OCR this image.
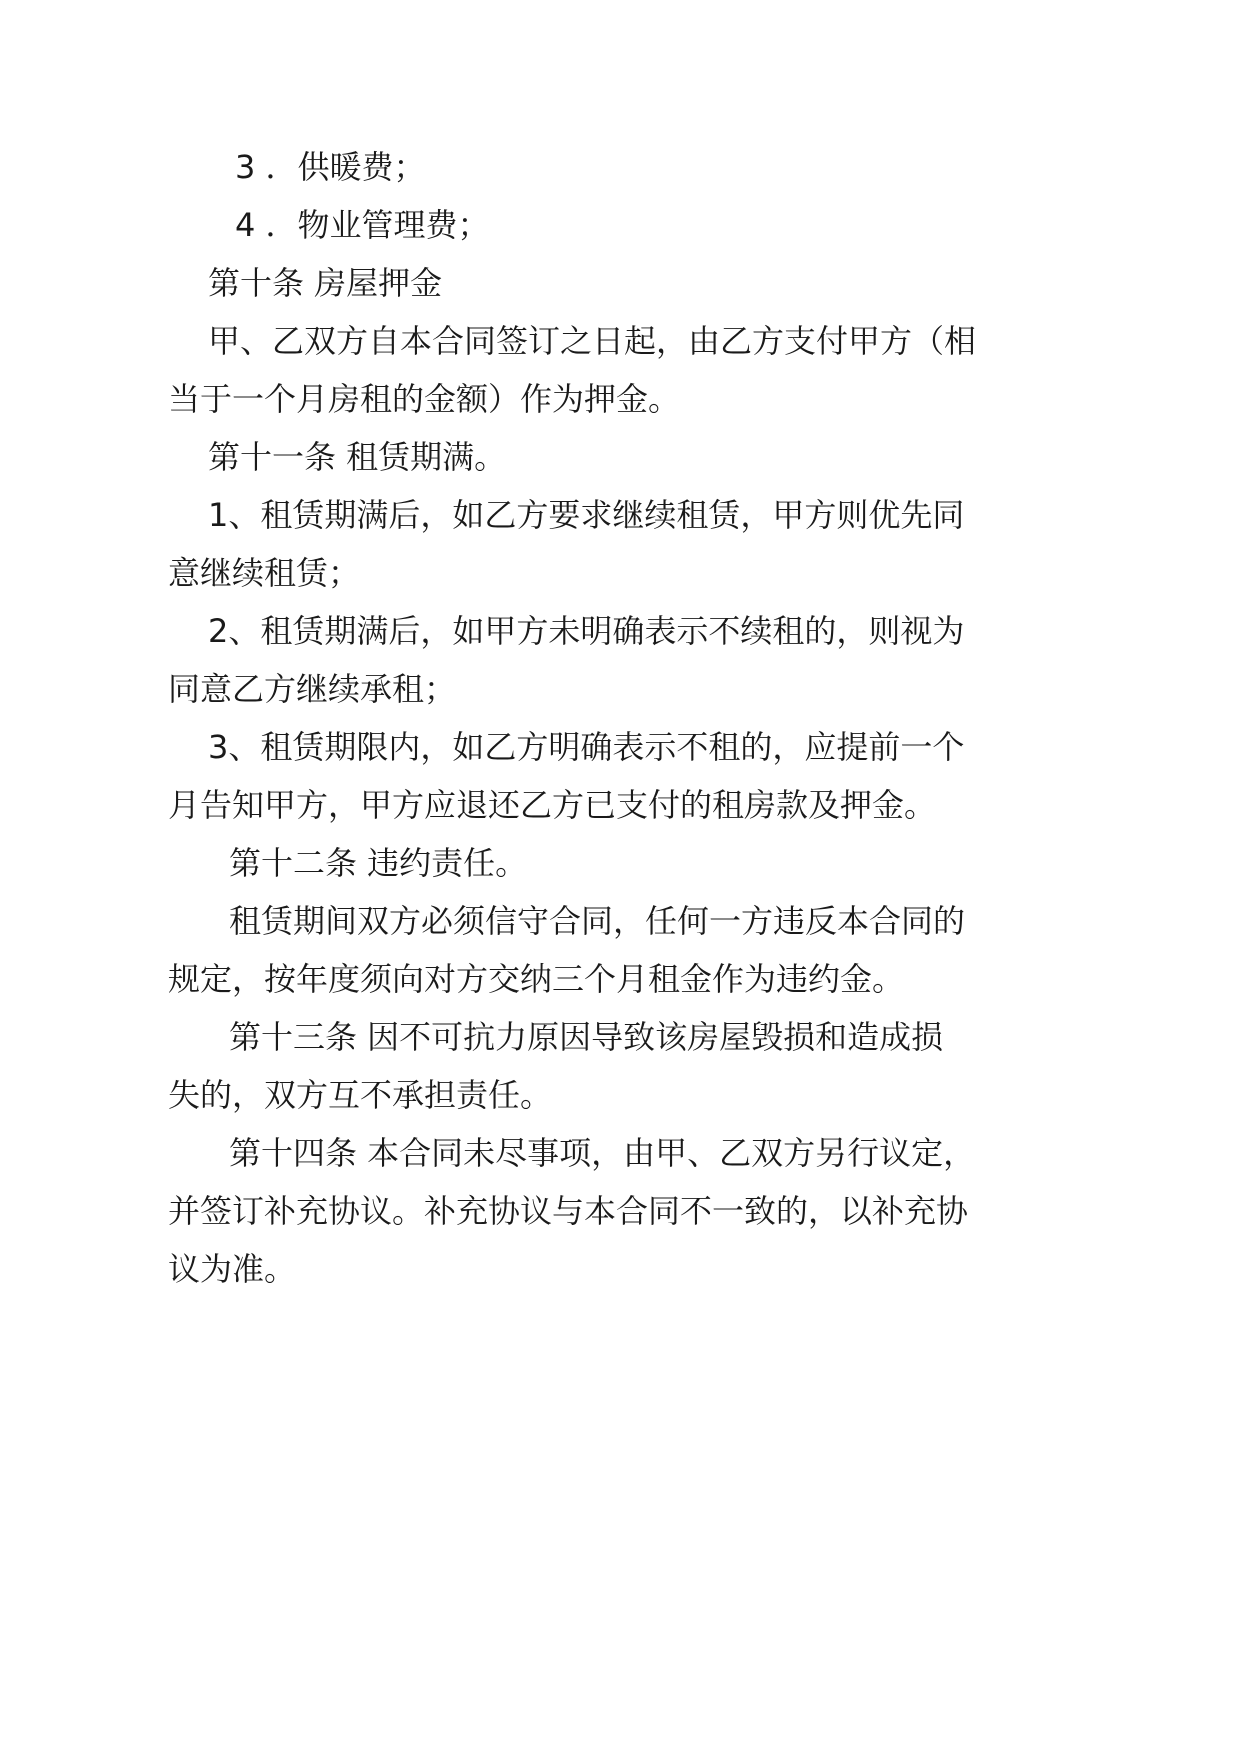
3 ．供暖费；
4 ．物业管理费；
第十条 房屋押金
甲、乙双方自本合同签订之日起，由乙方支付甲方（相
当于一个月房租的金额）作为押金。
第十一条 租赁期满。
1、租赁期满后，如乙方要求继续租赁，甲方则优先同
意继续租赁；
2、租赁期满后，如甲方未明确表示不续租的，则视为
同意乙方继续承租；
3、租赁期限内，如乙方明确表示不租的，应提前一个
月告知甲方，甲方应退还乙方已支付的租房款及押金。
第十二条 违约责任。
租赁期间双方必须信守合同，任何一方违反本合同的
规定，按年度须向对方交纳三个月租金作为违约金。
第十三条 因不可抗力原因导致该房屋毁损和造成损
失的，双方互不承担责任。
第十四条 本合同未尽事项，由甲、乙双方另行议定，
并签订补充协议。补充协议与本合同不一致的，以补充协
议为准。
